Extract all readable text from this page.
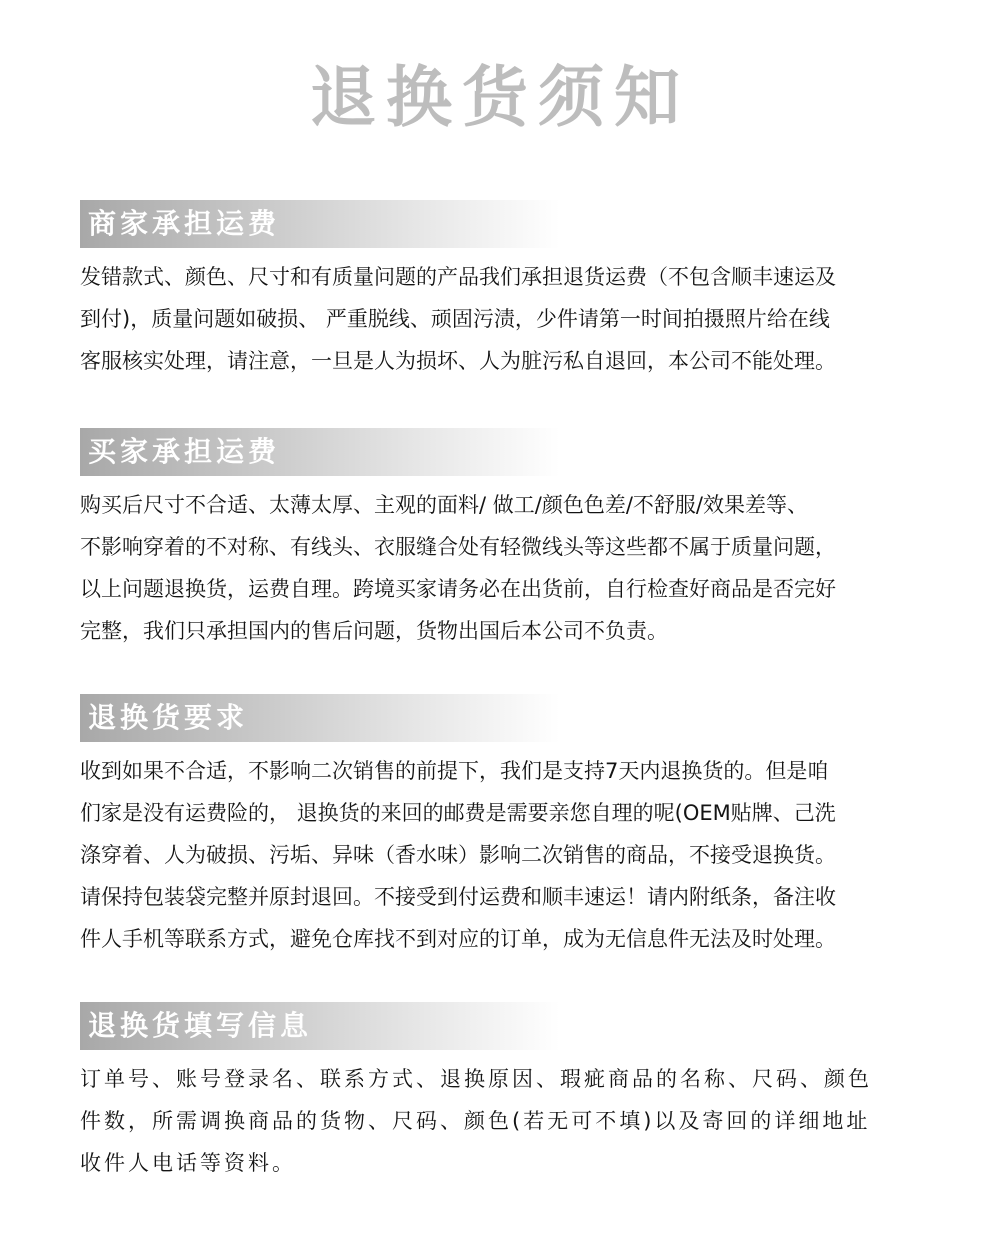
退换货须知
商家承担运费
发错款式、颜色、尺寸和有质量问题的产品我们承担退货运费（不包含顺丰速运及
到付)，质量问题如破损、 严重脱线、顽固污渍，少件请第一时间拍摄照片给在线
客服核实处理，请注意，一旦是人为损坏、人为脏污私自退回，本公司不能处理。
买家承担运费
购买后尺寸不合适、太薄太厚、主观的面料/ 做工/颜色色差/不舒服/效果差等、
不影响穿着的不对称、有线头、衣服缝合处有轻微线头等这些都不属于质量问题，
以上问题退换货，运费自理。跨境买家请务必在出货前，自行检查好商品是否完好
完整，我们只承担国内的售后问题，货物出国后本公司不负责。
退换货要求
收到如果不合适，不影响二次销售的前提下，我们是支持7天内退换货的。但是咱
们家是没有运费险的， 退换货的来回的邮费是需要亲您自理的呢(OEM贴牌、己洗
涤穿着、人为破损、污垢、异味（香水味）影响二次销售的商品，不接受退换货。
请保持包装袋完整并原封退回。不接受到付运费和顺丰速运！请内附纸条，备注收
件人手机等联系方式，避免仓库找不到对应的订单，成为无信息件无法及时处理。
退换货填写信息
订单号、账号登录名、联系方式、退换原因、瑕疵商品的名称、尺码、颜色
件数，所需调换商品的货物、尺码、颜色(若无可不填)以及寄回的详细地址
收件人电话等资料。
